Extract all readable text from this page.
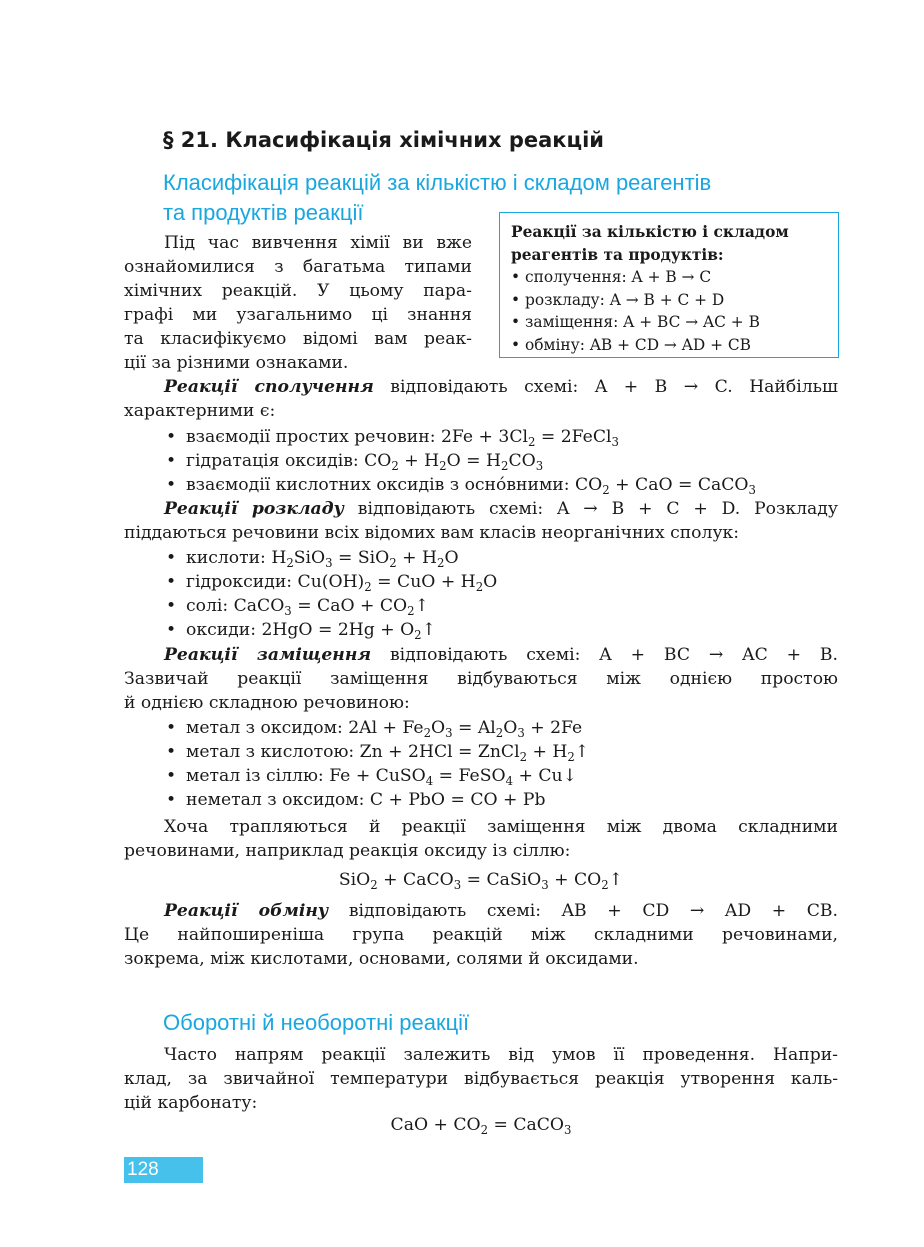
§ 21. Класифікація хімічних реакцій
Класифікація реакцій за кількістю і складом реагентів
та продуктів реакції
Реакції за кількістю і складом
реагентів та продуктів:
• сполучення: A + B → C
• розкладу: A → B + C + D
• заміщення: A + BC → AC + B
• обміну: AB + CD → AD + CB
Під час вивчення хімії ви вже
ознайомилися з багатьма типами
хімічних реакцій. У цьому пара-
графі ми узагальнимо ці знання
та класифікуємо відомі вам реак-
ції за різними ознаками.
Реакції сполучення відповідають схемі: A + B → C. Найбільш
характерними є:
• взаємодії простих речовин: $2Fe + 3Cl_2$ = 2FeCl$_3$
• гідратація оксидів: $CO_2 + H_2O = H_2CO_3$
• взаємодії кислотних оксидів з осно́вними: $CO_2$ + CaO = CaCO$_3$
Реакції розкладу відповідають схемі: A → B + C + D. Розкладу
піддаються речовини всіх відомих вам класів неорганічних сполук:
• кислоти: $H_2SiO_3 = SiO_2 + H_2O$
• гідроксиди: $Cu(OH)_2$ = CuO + $H_2O$
• солі: CaCO$_3$ = CaO + $CO_2↑$
• оксиди: $2HgO = 2Hg + O_2↑$
Реакції заміщення відповідають схемі: A + BC → AC + B.
Зазвичай реакції заміщення відбуваються між однією простою
й однією складною речовиною:
• метал з оксидом: $2Al + Fe_2O_3 = Al_2O_3 + 2Fe$
• метал з кислотою: Zn + 2HCl = ZnCl$_2$ + $H_2↑$
• метал із сіллю: Fe + CuSO$_4$ = FeSO$_4$ + Cu↓
• неметал з оксидом: C + PbO = CO + Pb
Хоча трапляються й реакції заміщення між двома складними
речовинами, наприклад реакція оксиду із сіллю:
SiO$_2$ + CaCO$_3$ = CaSiO$_3$ + $CO_2↑$
Реакції обміну відповідають схемі: AB + CD → AD + CB.
Це найпоширеніша група реакцій між складними речовинами,
зокрема, між кислотами, основами, солями й оксидами.
Оборотні й необоротні реакції
Часто напрям реакції залежить від умов її проведення. Напри-
клад, за звичайної температури відбувається реакція утворення каль-
цій карбонату:
CaO + $CO_2$ = CaCO$_3$
128
